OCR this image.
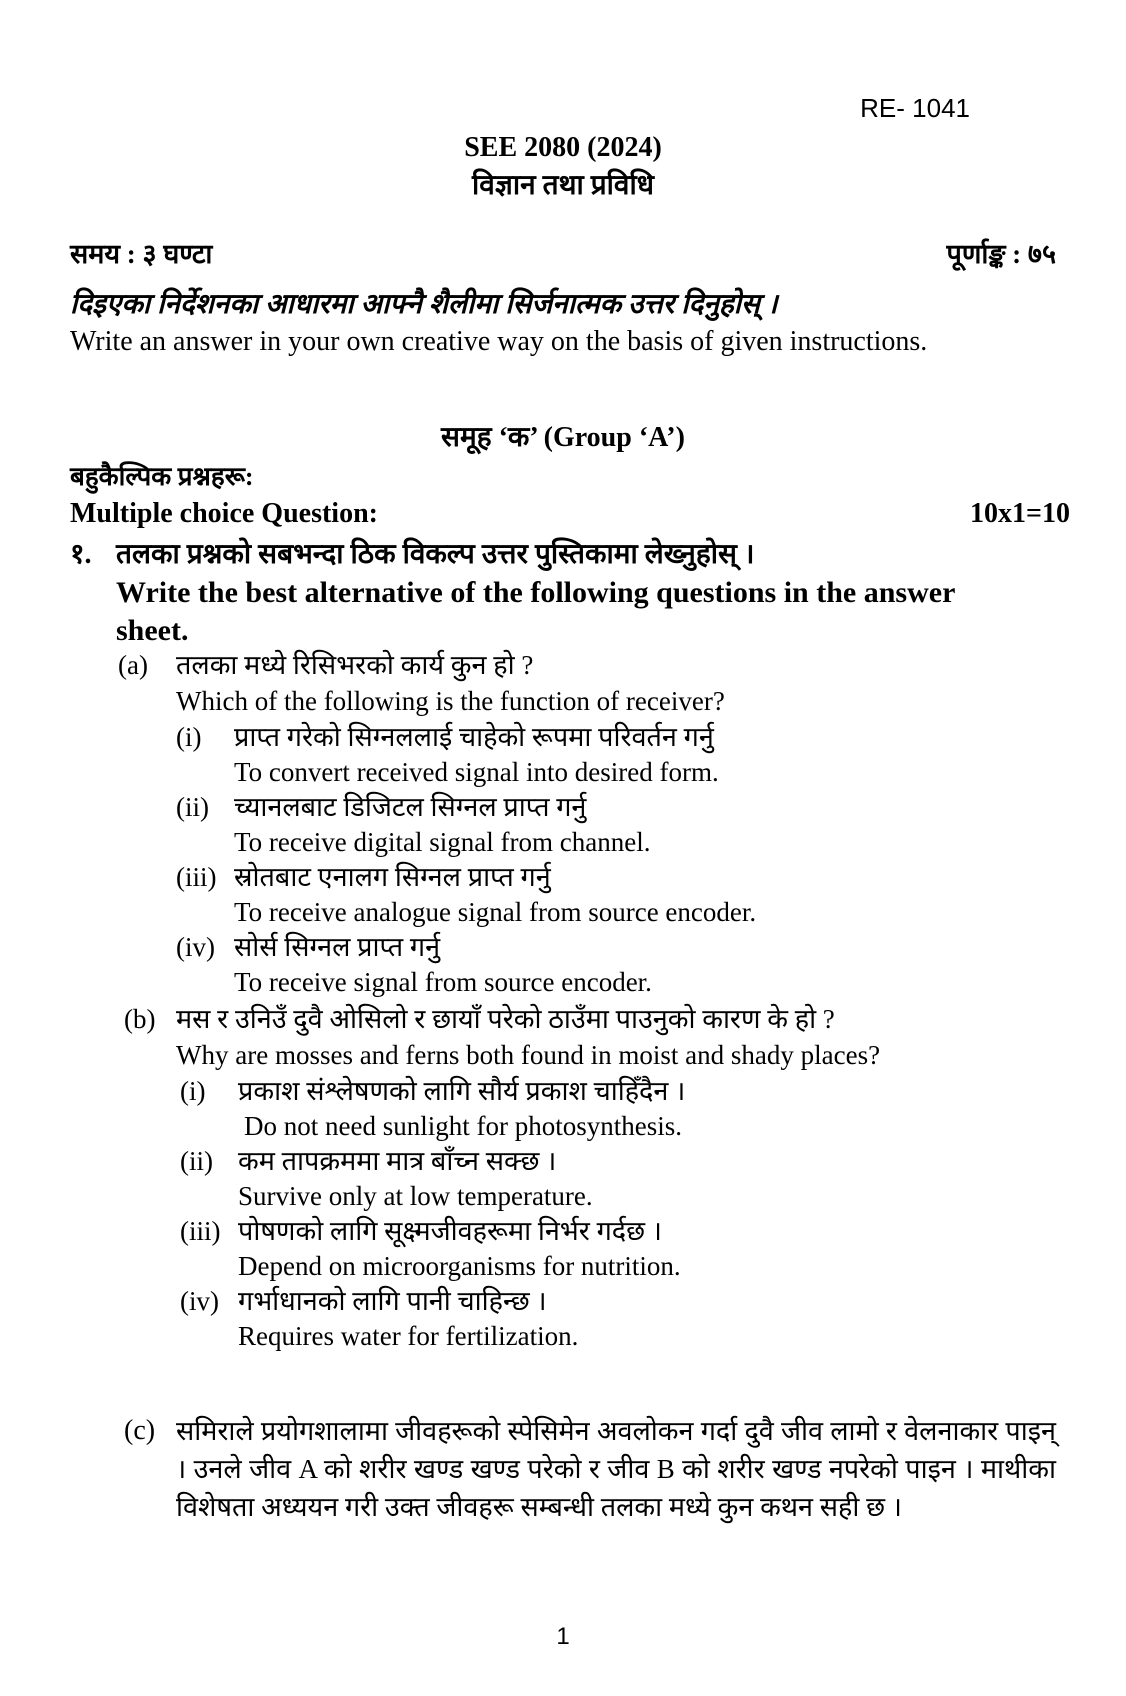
RE- 1041
SEE 2080 (2024)
विज्ञान तथा प्रविधि
समय : ३ घण्टा	पूर्णाङ्क : ७५
दिइएका निर्देशनका आधारमा आफ्नै शैलीमा सिर्जनात्मक उत्तर दिनुहोस् ।
Write an answer in your own creative way on the basis of given instructions.
समूह ‘क’ (Group ‘A’)
बहुकैल्पिक प्रश्नहरू:
Multiple choice Question:	10x1=10
१. तलका प्रश्नको सबभन्दा ठिक विकल्प उत्तर पुस्तिकामा लेख्नुहोस् ।
Write the best alternative of the following questions in the answer sheet.
(a)	तलका मध्ये रिसिभरको कार्य कुन हो ?
Which of the following is the function of receiver?
(i)	प्राप्त गरेको सिग्नललाई चाहेको रूपमा परिवर्तन गर्नु
To convert received signal into desired form.
(ii) च्यानलबाट डिजिटल सिग्नल प्राप्त गर्नु
To receive digital signal from channel.
(iii) स्रोतबाट एनालग सिग्नल प्राप्त गर्नु
To receive analogue signal from source encoder.
(iv) सोर्स सिग्नल प्राप्त गर्नु
To receive signal from source encoder.
(b) मस र उनिउँ दुवै ओसिलो र छायाँ परेको ठाउँमा पाउनुको कारण के हो ?
Why are mosses and ferns both found in moist and shady places?
(i)	प्रकाश संश्लेषणको लागि सौर्य प्रकाश चाहिँदैन ।
Do not need sunlight for photosynthesis.
(ii) कम तापक्रममा मात्र बाँच्न सक्छ ।
Survive only at low temperature.
(iii) पोषणको लागि सूक्ष्मजीवहरूमा निर्भर गर्दछ ।
Depend on microorganisms for nutrition.
(iv) गर्भाधानको लागि पानी चाहिन्छ ।
Requires water for fertilization.
(c) समिराले प्रयोगशालामा जीवहरूको स्पेसिमेन अवलोकन गर्दा दुवै जीव लामो र वेलनाकार पाइन् । उनले जीव A को शरीर खण्ड खण्ड परेको र जीव B को शरीर खण्ड नपरेको पाइन । माथीका विशेषता अध्ययन गरी उक्त जीवहरू सम्बन्धी तलका मध्ये कुन कथन सही छ ।
1
